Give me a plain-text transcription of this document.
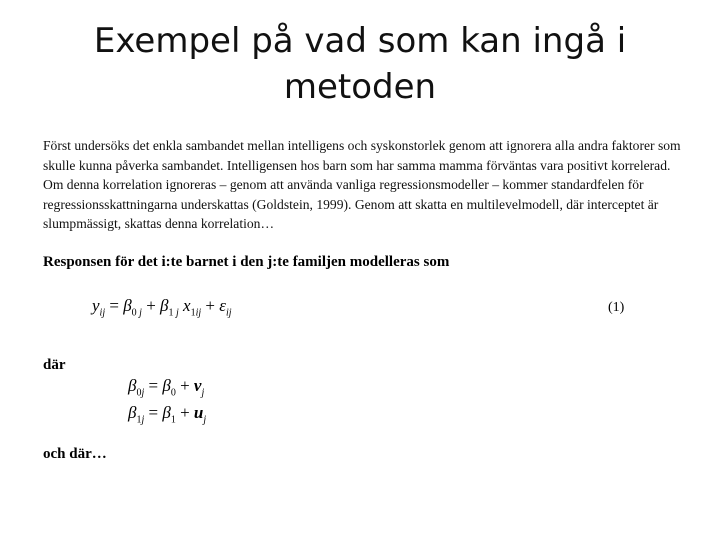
Exempel på vad som kan ingå i metoden
Först undersöks det enkla sambandet mellan intelligens och syskonstorlek genom att ignorera alla andra faktorer som skulle kunna påverka sambandet. Intelligensen hos barn som har samma mamma förväntas vara positivt korrelerad. Om denna korrelation ignoreras – genom att använda vanliga regressionsmodeller – kommer standardfelen för regressionsskattningarna underskattas (Goldstein, 1999). Genom att skatta en multilevelmodell, där interceptet är slumpmässigt, skattas denna korrelation…
Responsen för det i:te barnet i den j:te familjen modelleras som
$y_{ij} = \beta_{0 j} + \beta_{1 j}$ $x_{1ij} + \varepsilon_{ij}$	(1)
där
$\beta_{0j} = \beta_0 + v_j$
$\beta_{1j} = \beta_1 + u_j$
och där…
